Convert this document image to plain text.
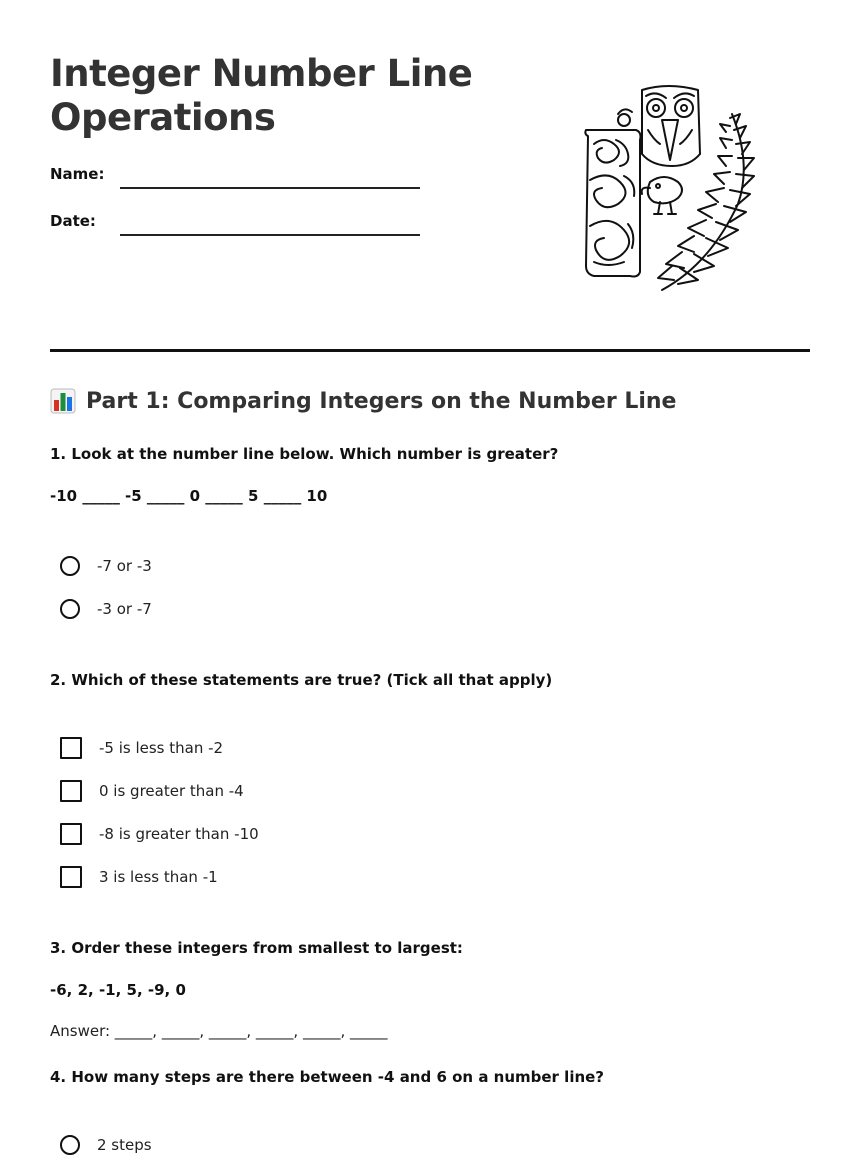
Integer Number Line Operations
Name:
Date:
Part 1: Comparing Integers on the Number Line
1. Look at the number line below. Which number is greater?
-10 _____ -5 _____ 0 _____ 5 _____ 10
-7 or -3
-3 or -7
2. Which of these statements are true? (Tick all that apply)
-5 is less than -2
0 is greater than -4
-8 is greater than -10
3 is less than -1
3. Order these integers from smallest to largest:
-6, 2, -1, 5, -9, 0
Answer: _____, _____, _____, _____, _____, _____
4. How many steps are there between -4 and 6 on a number line?
2 steps
